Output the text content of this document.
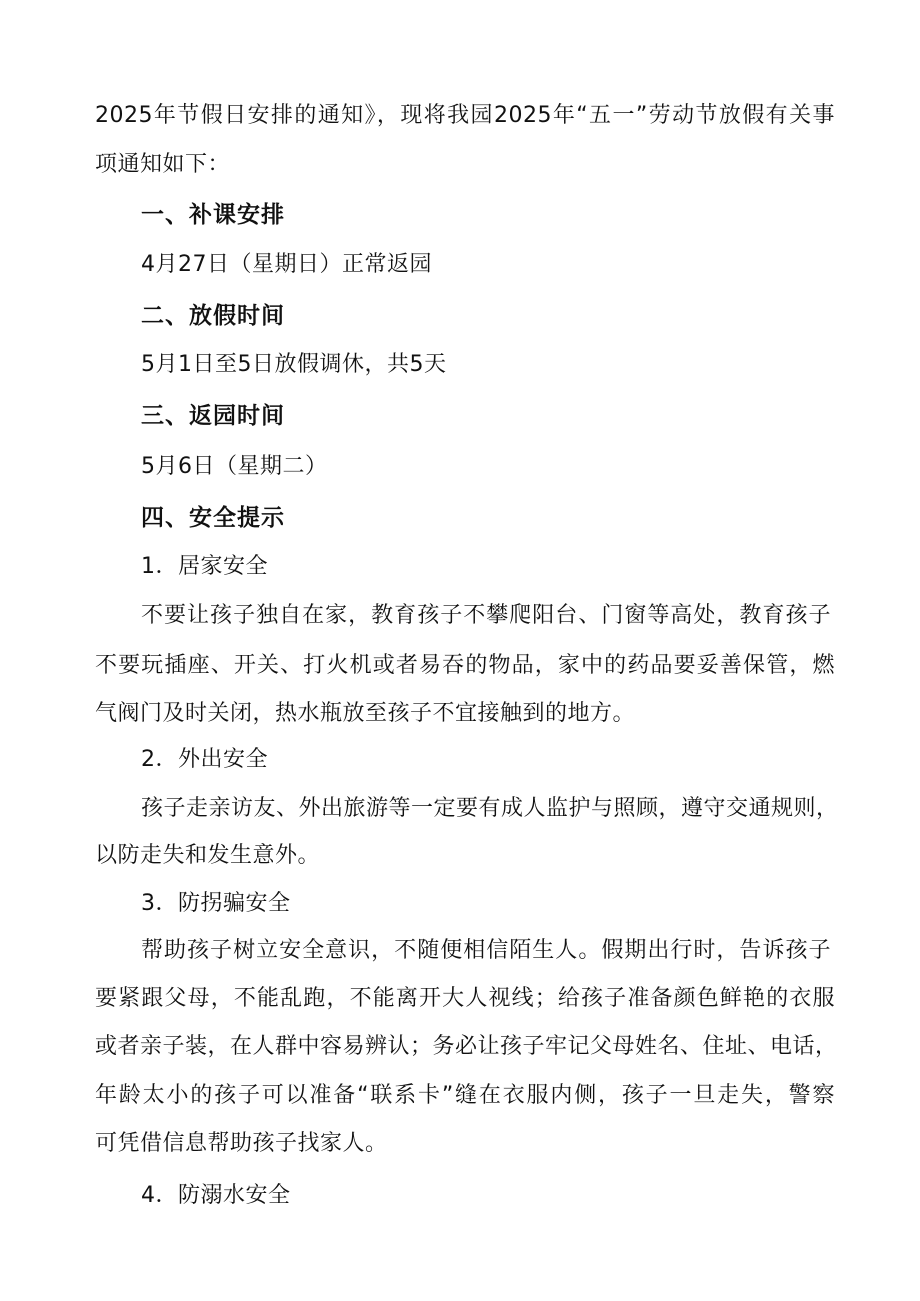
2025年节假日安排的通知》，现将我园2025年“五一”劳动节放假有关事
项通知如下：
一、补课安排
4月27日（星期日）正常返园
二、放假时间
5月1日至5日放假调休，共5天
三、返园时间
5月6日（星期二）
四、安全提示
1．居家安全
不要让孩子独自在家，教育孩子不攀爬阳台、门窗等高处，教育孩子
不要玩插座、开关、打火机或者易吞的物品，家中的药品要妥善保管，燃
气阀门及时关闭，热水瓶放至孩子不宜接触到的地方。
2．外出安全
孩子走亲访友、外出旅游等一定要有成人监护与照顾，遵守交通规则，
以防走失和发生意外。
3．防拐骗安全
帮助孩子树立安全意识，不随便相信陌生人。假期出行时，告诉孩子
要紧跟父母，不能乱跑，不能离开大人视线；给孩子准备颜色鲜艳的衣服
或者亲子装，在人群中容易辨认；务必让孩子牢记父母姓名、住址、电话，
年龄太小的孩子可以准备“联系卡”缝在衣服内侧，孩子一旦走失，警察
可凭借信息帮助孩子找家人。
4．防溺水安全
